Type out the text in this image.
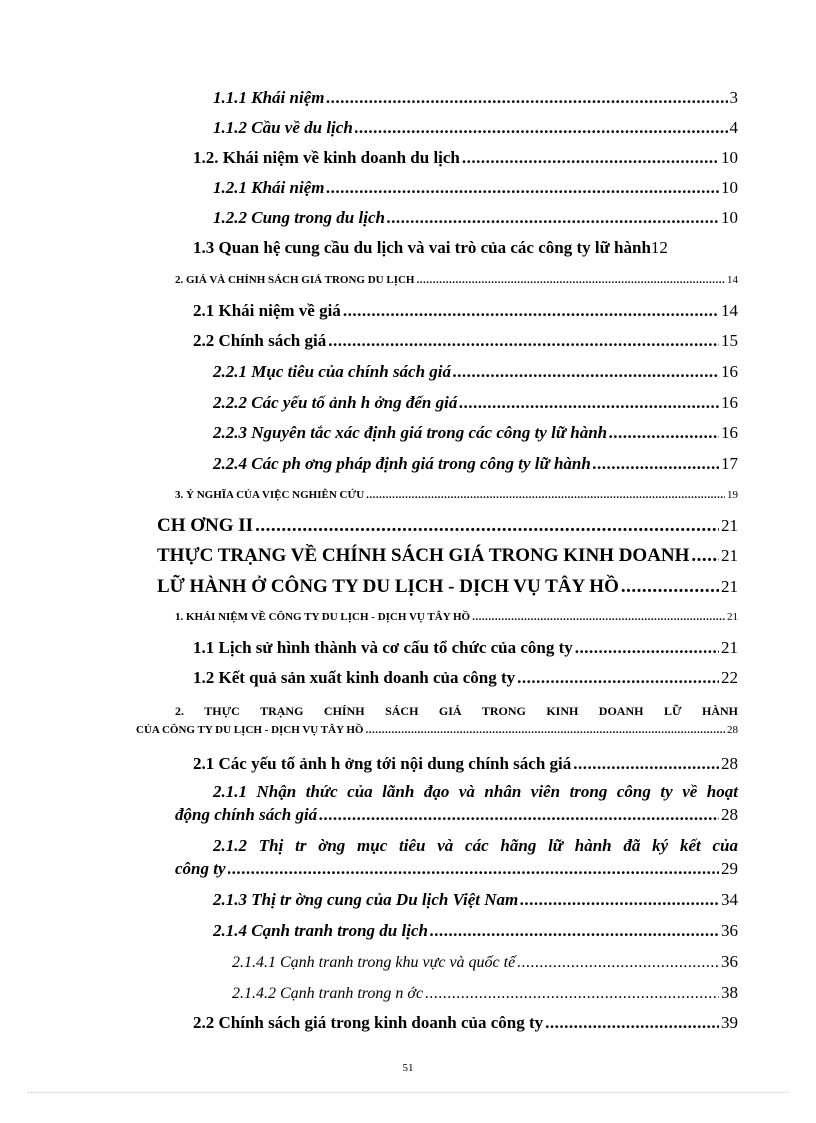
1.1.1 Khái niệm .....	3
1.1.2 Cầu về du lịch .....	4
1.2. Khái niệm về kinh doanh du lịch .....	10
1.2.1 Khái niệm .....	10
1.2.2 Cung trong du lịch .....	10
1.3 Quan hệ cung cầu du lịch và vai trò của các công ty lữ hành 12
2. GIÁ VÀ CHÍNH SÁCH GIÁ TRONG DU LỊCH .....	14
2.1 Khái niệm về giá .....	14
2.2 Chính sách giá .....	15
2.2.1 Mục tiêu của chính sách giá .....	16
2.2.2 Các yếu tố ảnh h ởng đến giá .....	16
2.2.3 Nguyên tắc xác định giá trong các công ty lữ hành .....	16
2.2.4 Các ph ơng pháp định giá trong công ty lữ hành .....	17
3. Ý NGHĨA CỦA VIỆC NGHIÊN CỨU .....	19
CH ƠNG II .....	21
THỰC TRẠNG VỀ CHÍNH SÁCH GIÁ TRONG KINH DOANH ..... 21
LỮ HÀNH Ở CÔNG TY DU LỊCH - DỊCH VỤ TÂY HỒ .....	21
1. KHÁI NIỆM VỀ CÔNG TY DU LỊCH - DỊCH VỤ TÂY HỒ .....	21
1.1 Lịch sử hình thành và cơ cấu tổ chức của công ty .....	21
1.2 Kết quả sản xuất kinh doanh của công ty .....	22
2. THỰC TRẠNG CHÍNH SÁCH GIÁ TRONG KINH DOANH LỮ HÀNH
CỦA CÔNG TY DU LỊCH - DỊCH VỤ TÂY HỒ .....	28
2.1 Các yếu tố ảnh h ởng tới nội dung chính sách giá .....	28
2.1.1 Nhận thức của lãnh đạo và nhân viên trong công ty về hoạt
động chính sách giá .....	28
2.1.2 Thị tr ờng mục tiêu và các hãng lữ hành đã ký kết của
công ty .....	29
2.1.3 Thị tr ờng cung của Du lịch Việt Nam .....	34
2.1.4 Cạnh tranh trong du lịch .....	36
2.1.4.1 Cạnh tranh trong khu vực và quốc tế .....	36
2.1.4.2 Cạnh tranh trong n ớc .....	38
2.2 Chính sách giá trong kinh doanh của công ty .....	39
51
